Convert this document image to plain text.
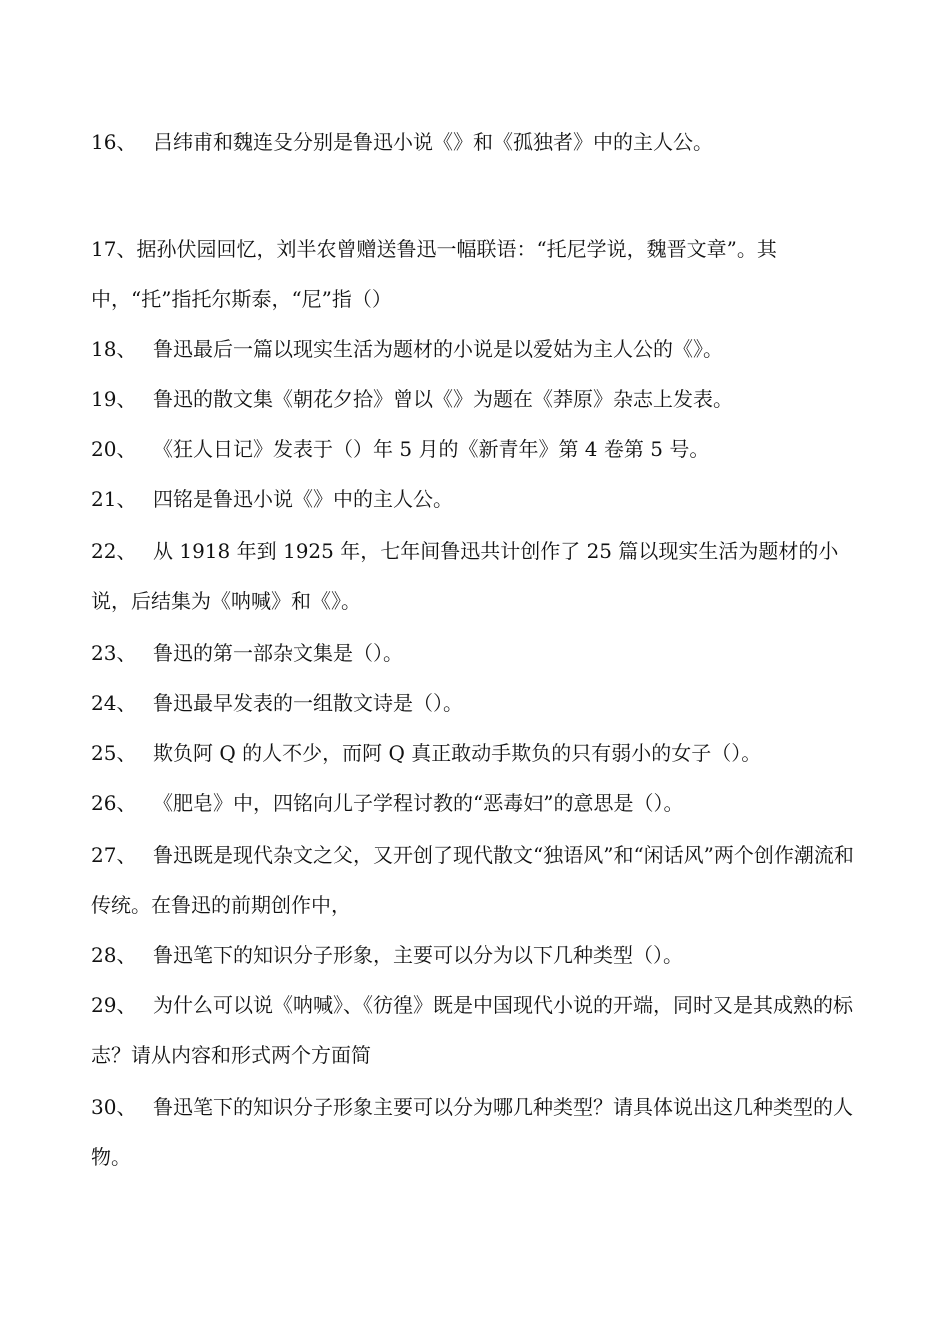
16、 吕纬甫和魏连殳分别是鲁迅小说《》和《孤独者》中的主人公。
17、据孙伏园回忆，刘半农曾赠送鲁迅一幅联语：“托尼学说，魏晋文章”。其中，“托”指托尔斯泰，“尼”指（）
18、 鲁迅最后一篇以现实生活为题材的小说是以爱姑为主人公的《》。
19、 鲁迅的散文集《朝花夕拾》曾以《》为题在《莽原》杂志上发表。
20、 《狂人日记》发表于（）年 5 月的《新青年》第 4 卷第 5 号。
21、 四铭是鲁迅小说《》中的主人公。
22、 从 1918 年到 1925 年，七年间鲁迅共计创作了 25 篇以现实生活为题材的小说，后结集为《呐喊》和《》。
23、 鲁迅的第一部杂文集是（）。
24、 鲁迅最早发表的一组散文诗是（）。
25、 欺负阿 Q 的人不少，而阿 Q 真正敢动手欺负的只有弱小的女子（）。
26、 《肥皂》中，四铭向儿子学程讨教的“恶毒妇”的意思是（）。
27、 鲁迅既是现代杂文之父，又开创了现代散文“独语风”和“闲话风”两个创作潮流和传统。在鲁迅的前期创作中，
28、 鲁迅笔下的知识分子形象，主要可以分为以下几种类型（）。
29、 为什么可以说《呐喊》、《彷徨》既是中国现代小说的开端，同时又是其成熟的标志？请从内容和形式两个方面简
30、 鲁迅笔下的知识分子形象主要可以分为哪几种类型？请具体说出这几种类型的人物。
